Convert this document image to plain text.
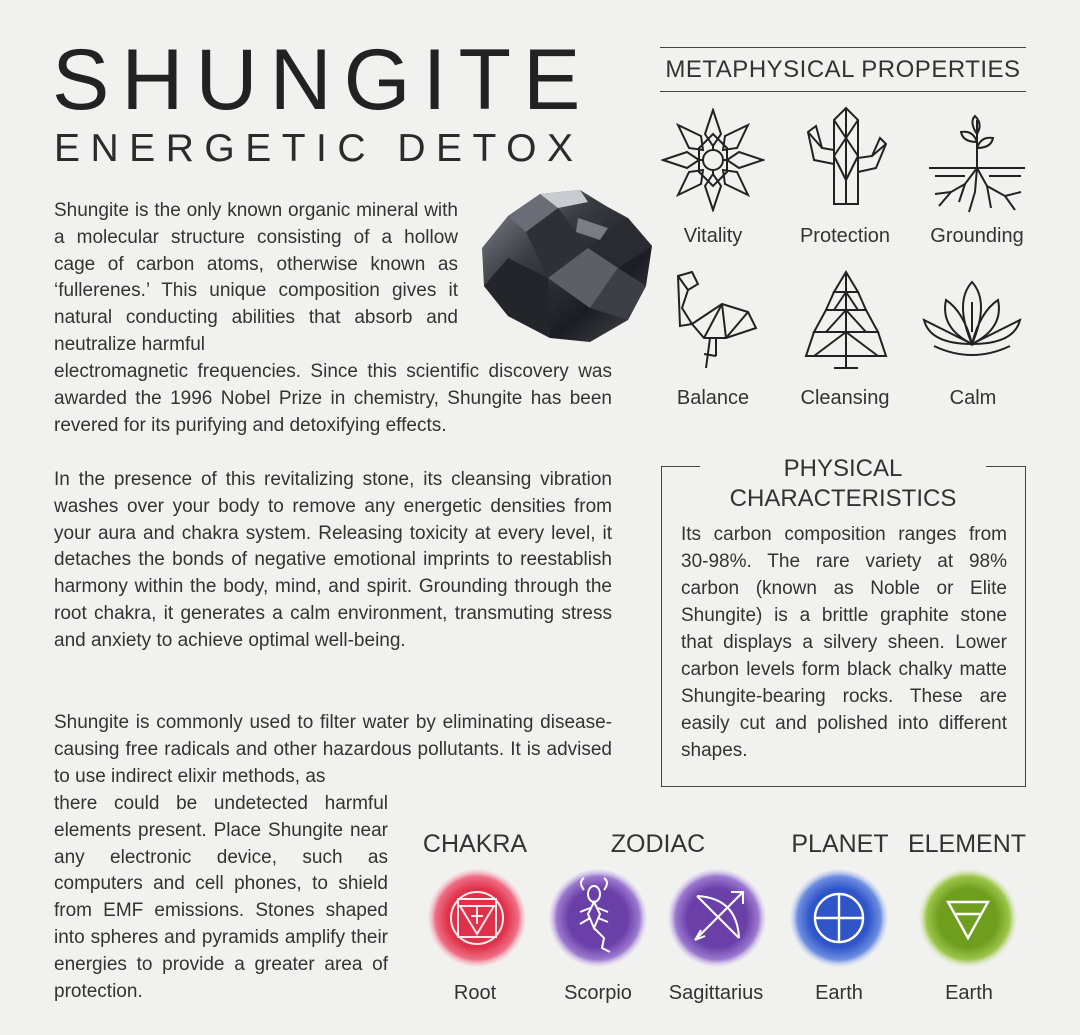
SHUNGITE
ENERGETIC DETOX

Shungite is the only known organic mineral with a molecular structure consisting of a hollow cage of carbon atoms, otherwise known as ‘fullerenes.’ This unique composition gives it natural conducting abilities that absorb and neutralize harmful

electromagnetic frequencies. Since this scientific discovery was awarded the 1996 Nobel Prize in chemistry, Shungite has been revered for its purifying and detoxifying effects.

In the presence of this revitalizing stone, its cleansing vibration washes over your body to remove any energetic densities from your aura and chakra system. Releasing toxicity at every level, it detaches the bonds of negative emotional imprints to reestablish harmony within the body, mind, and spirit. Grounding through the root chakra, it generates a calm environment, transmuting stress and anxiety to achieve optimal well-being.

Shungite is commonly used to filter water by eliminating disease-causing free radicals and other hazardous pollutants. It is advised to use indirect elixir methods, as

there could be undetected harmful elements present. Place Shungite near any electronic device, such as computers and cell phones, to shield from EMF emissions. Stones shaped into spheres and pyramids amplify their energies to provide a greater area of protection.

METAPHYSICAL PROPERTIES
Vitality	Protection	Grounding
Balance	Cleansing	Calm
PHYSICAL
CHARACTERISTICS

Its carbon composition ranges from 30-98%. The rare variety at 98% carbon (known as Noble or Elite Shungite) is a brittle graphite stone that displays a silvery sheen. Lower carbon levels form black chalky matte Shungite-bearing rocks. These are easily cut and polished into different shapes.

CHAKRA	ZODIAC	PLANET ELEMENT
Root	Scorpio	Sagittarius	Earth	Earth
